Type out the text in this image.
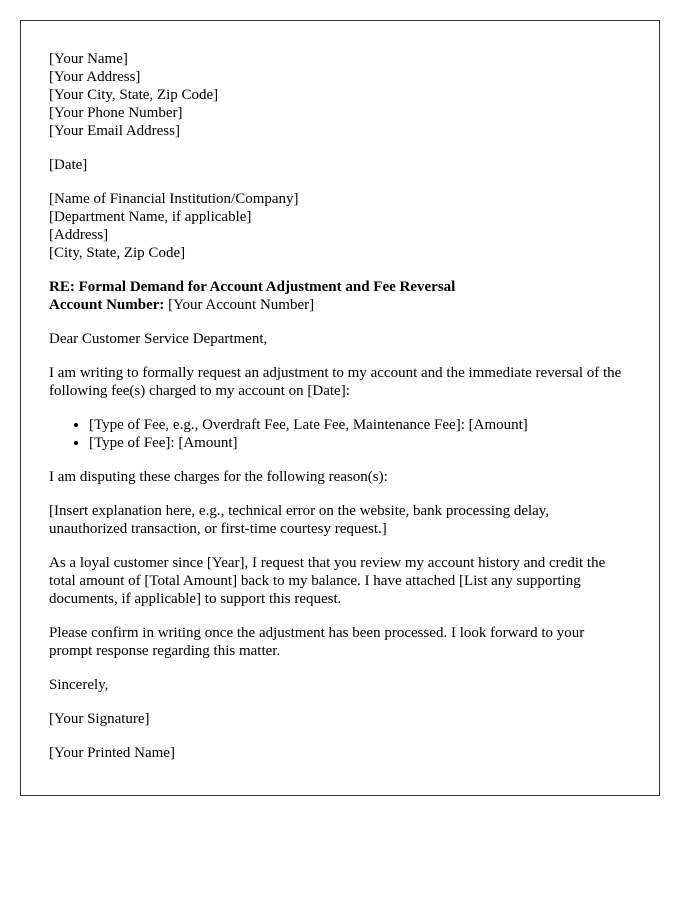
[Your Name]
[Your Address]
[Your City, State, Zip Code]
[Your Phone Number]
[Your Email Address]
[Date]
[Name of Financial Institution/Company]
[Department Name, if applicable]
[Address]
[City, State, Zip Code]
RE: Formal Demand for Account Adjustment and Fee Reversal
Account Number: [Your Account Number]

Dear Customer Service Department,

I am writing to formally request an adjustment to my account and the immediate reversal of the following fee(s) charged to my account on [Date]:

• [Type of Fee, e.g., Overdraft Fee, Late Fee, Maintenance Fee]: [Amount]
• [Type of Fee]: [Amount]

I am disputing these charges for the following reason(s):

[Insert explanation here, e.g., technical error on the website, bank processing delay, unauthorized transaction, or first-time courtesy request.]

As a loyal customer since [Year], I request that you review my account history and credit the total amount of [Total Amount] back to my balance. I have attached [List any supporting documents, if applicable] to support this request.

Please confirm in writing once the adjustment has been processed. I look forward to your prompt response regarding this matter.

Sincerely,

[Your Signature]

[Your Printed Name]
